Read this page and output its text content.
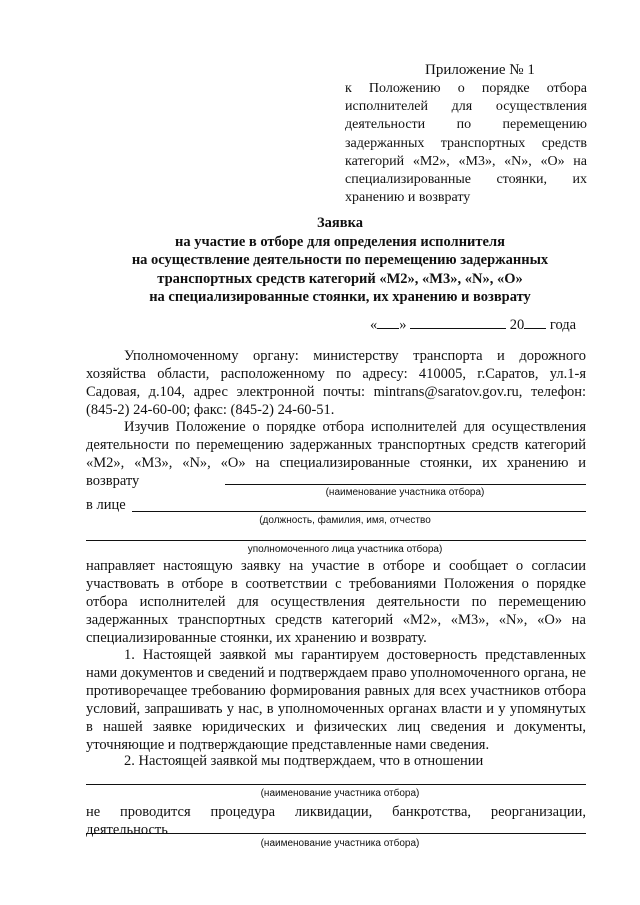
Приложение № 1
к Положению о порядке отбора исполнителей для осуществления деятельности по перемещению задержанных транспортных средств категорий «М2», «М3», «N», «О» на специализированные стоянки, их хранению и возврату
Заявка
на участие в отборе для определения исполнителя
на осуществление деятельности по перемещению задержанных
транспортных средств категорий «М2», «М3», «N», «О»
на специализированные стоянки, их хранению и возврату
« »	20 года
Уполномоченному органу: министерству транспорта и дорожного хозяйства области, расположенному по адресу: 410005, г.Саратов, ул.1-я Садовая, д.104, адрес электронной почты: mintrans@saratov.gov.ru, телефон: (845-2) 24-60-00; факс: (845-2) 24-60-51.
Изучив Положение о порядке отбора исполнителей для осуществления деятельности по перемещению задержанных транспортных средств категорий «М2», «М3», «N», «О» на специализированные стоянки, их хранению и возврату
(наименование участника отбора)
в лице
(должность, фамилия, имя, отчество
уполномоченного лица участника отбора)
направляет настоящую заявку на участие в отборе и сообщает о согласии участвовать в отборе в соответствии с требованиями Положения о порядке отбора исполнителей для осуществления деятельности по перемещению задержанных транспортных средств категорий «М2», «М3», «N», «О» на специализированные стоянки, их хранению и возврату.
1. Настоящей заявкой мы гарантируем достоверность представленных нами документов и сведений и подтверждаем право уполномоченного органа, не противоречащее требованию формирования равных для всех участников отбора условий, запрашивать у нас, в уполномоченных органах власти и у упомянутых в нашей заявке юридических и физических лиц сведения и документы, уточняющие и подтверждающие представленные нами сведения.
2. Настоящей заявкой мы подтверждаем, что в отношении
(наименование участника отбора)
не проводится процедура ликвидации, банкротства, реорганизации, деятельность
(наименование участника отбора)
